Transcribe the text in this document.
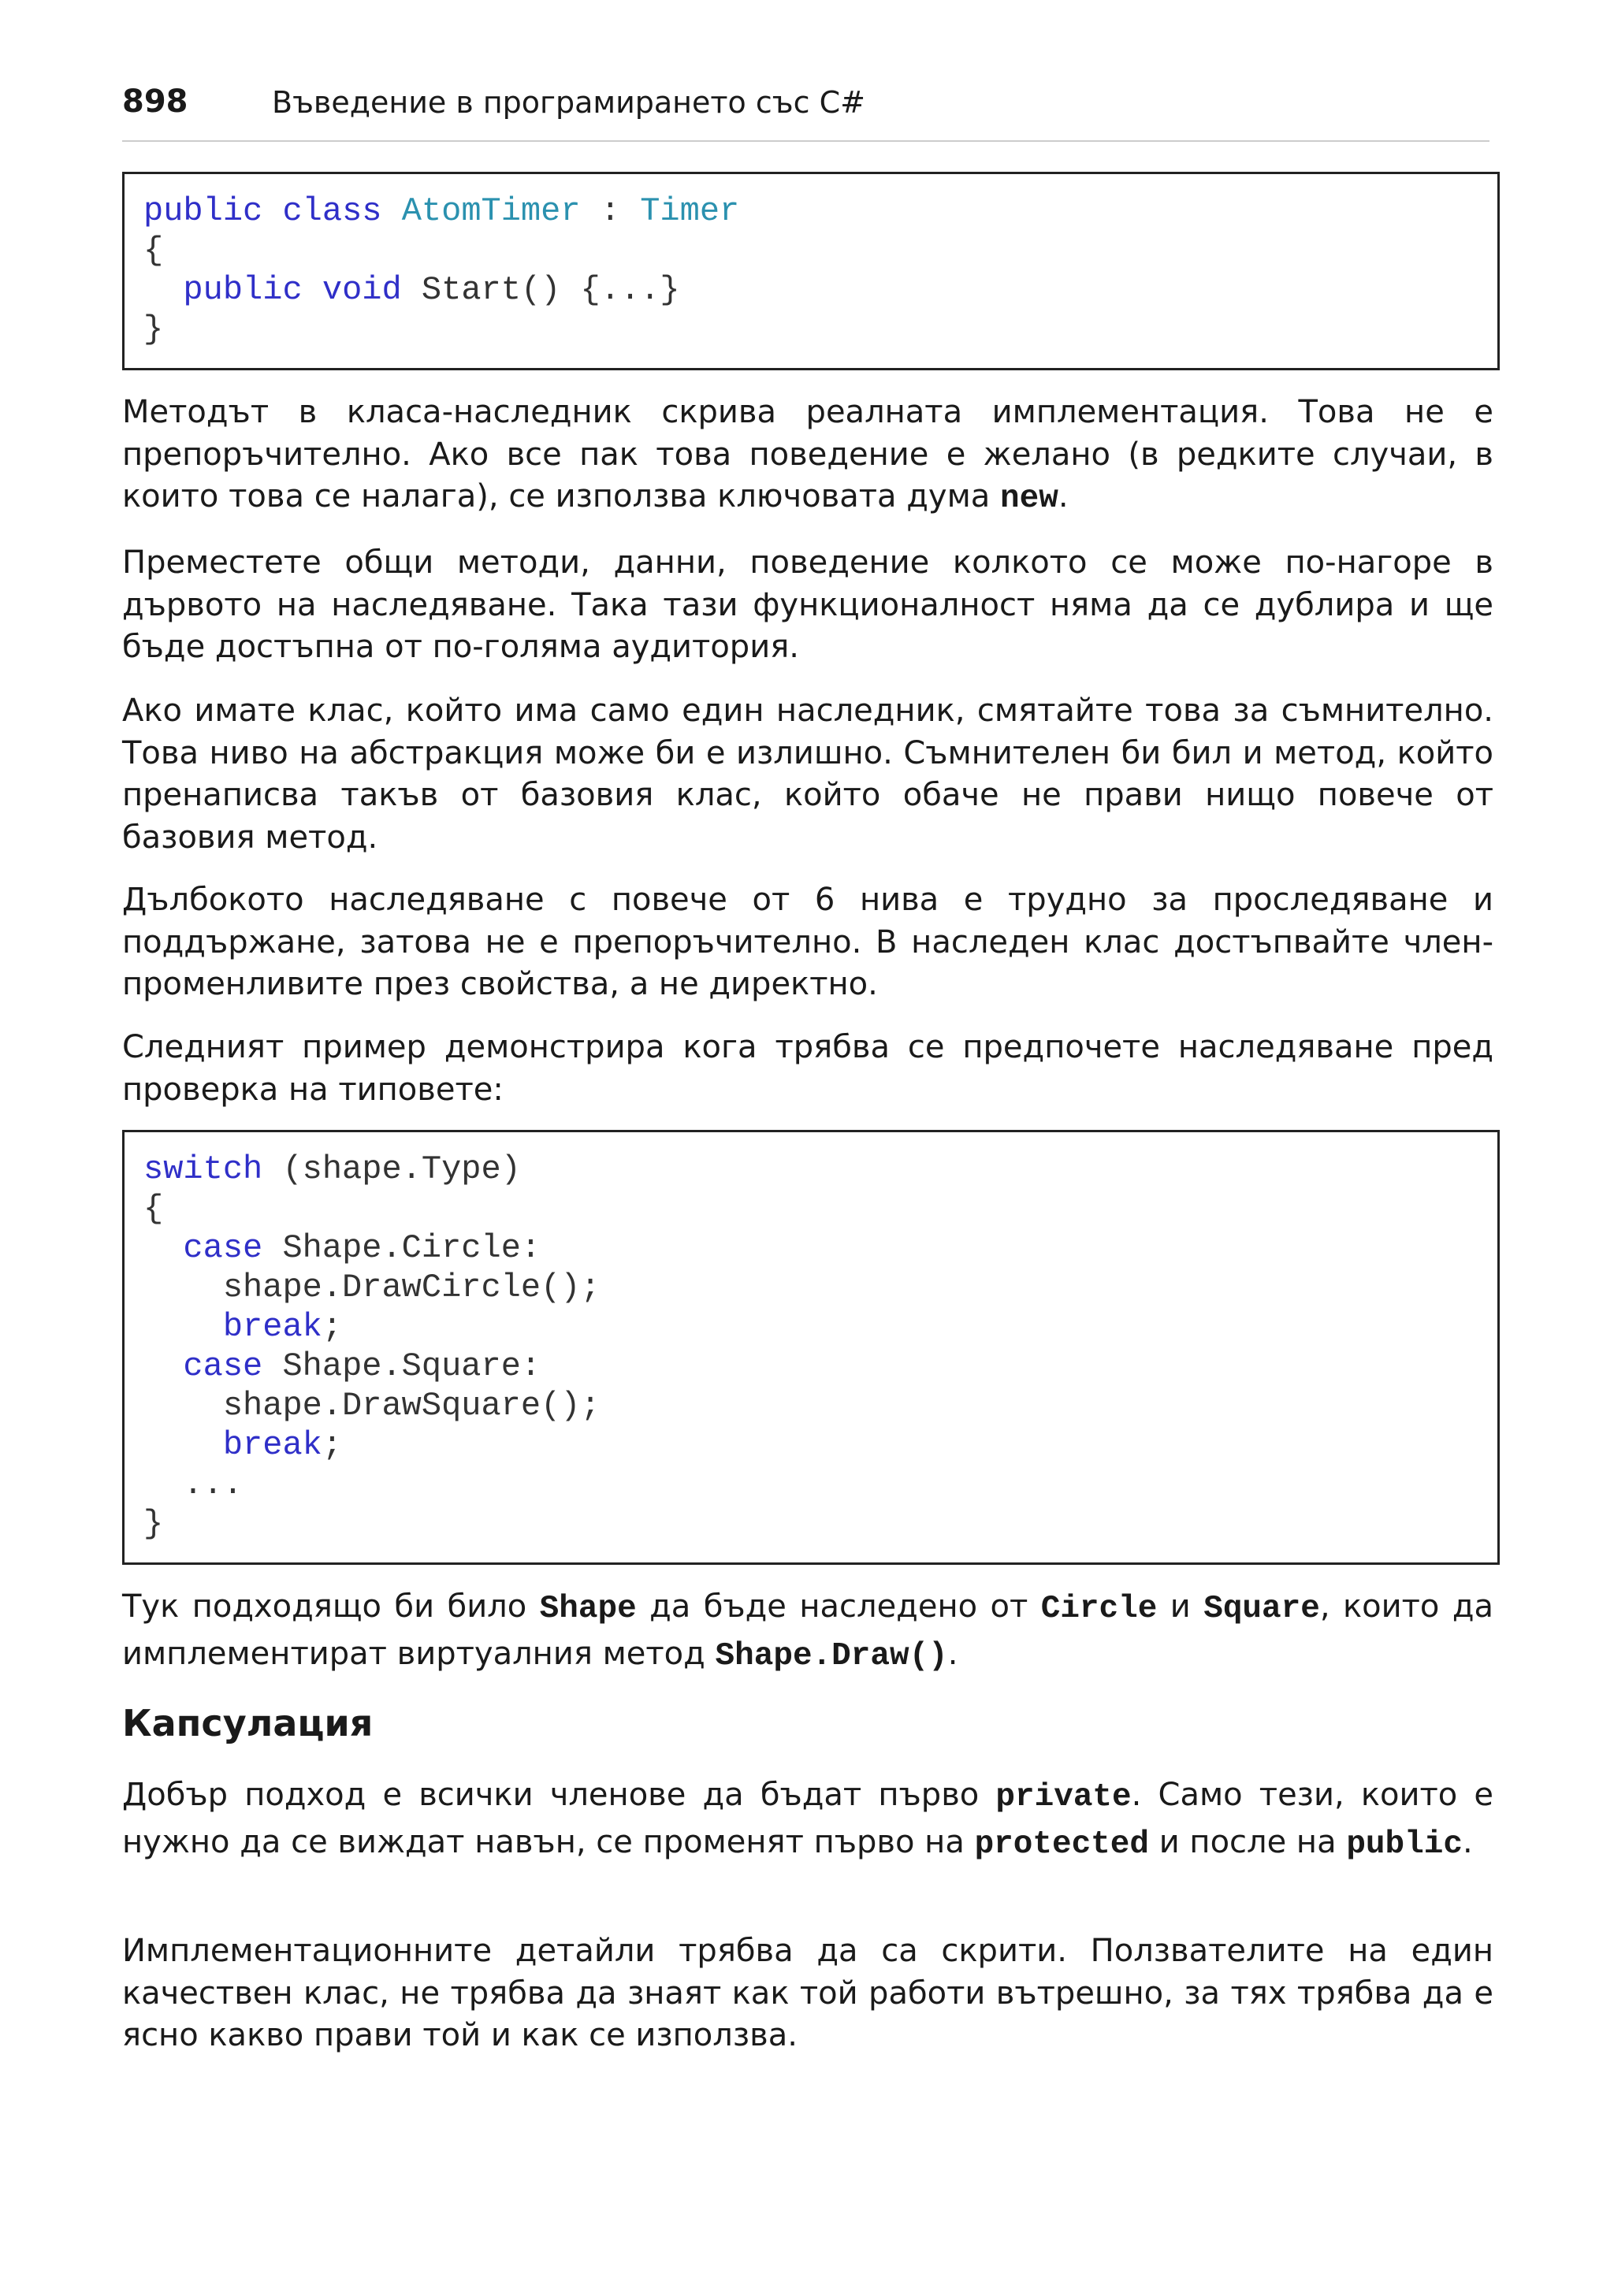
898	Въведение в програмирането със C#
public class AtomTimer : Timer
{
public void Start() {...}
}

Методът в класа-наследник скрива реалната имплементация. Това не е препоръчително. Ако все пак това поведение е желано (в редките случаи, в които това се налага), се използва ключовата дума new.

Преместете общи методи, данни, поведение колкото се може по-нагоре в дървото на наследяване. Така тази функционалност няма да се дублира и ще бъде достъпна от по-голяма аудитория.

Ако имате клас, който има само един наследник, смятайте това за съмнително. Това ниво на абстракция може би е излишно. Съмнителен би бил и метод, който пренаписва такъв от базовия клас, който обаче не прави нищо повече от базовия метод.

Дълбокото наследяване с повече от 6 нива е трудно за проследяване и поддържане, затова не е препоръчително. В наследен клас достъпвайте член-променливите през свойства, а не директно.

Следният пример демонстрира кога трябва се предпочете наследяване пред проверка на типовете:

switch (shape.Type)
{
case Shape.Circle:
shape.DrawCircle();
break;
case Shape.Square:
shape.DrawSquare();
break;
...
}

Тук подходящо би било Shape да бъде наследено от Circle и Square, които да имплементират виртуалния метод Shape.Draw().

Капсулация

Добър подход е всички членове да бъдат първо private. Само тези, които е нужно да се виждат навън, се променят първо на protected и после на public.

Имплементационните детайли трябва да са скрити. Ползвателите на един качествен клас, не трябва да знаят как той работи вътрешно, за тях трябва да е ясно какво прави той и как се използва.
